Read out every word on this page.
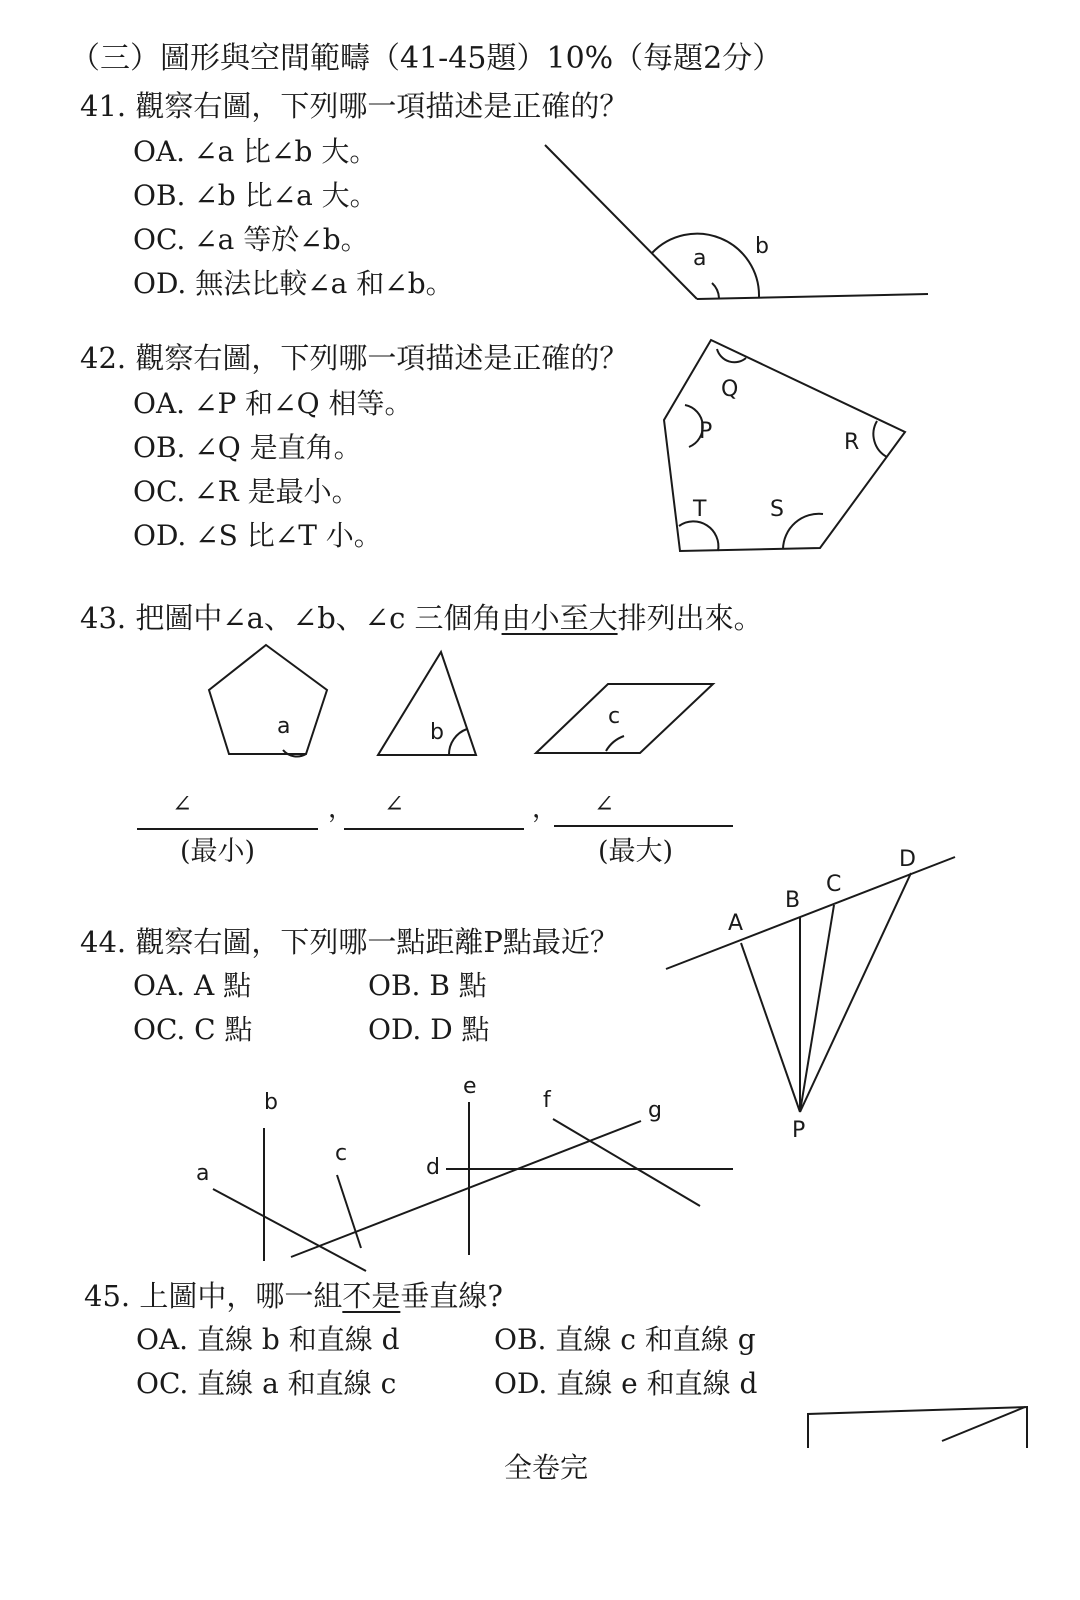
（三）圖形與空間範疇（41-45題）10%（每題2分）
41. 觀察右圖，下列哪一項描述是正確的？
OA. ∠a 比∠b 大。
OB. ∠b 比∠a 大。
OC. ∠a 等於∠b。
OD. 無法比較∠a 和∠b。
42. 觀察右圖，下列哪一項描述是正確的？
OA. ∠P 和∠Q 相等。
OB. ∠Q 是直角。
OC. ∠R 是最小。
OD. ∠S 比∠T 小。
43. 把圖中∠a、∠b、∠c 三個角由小至大排列出來。
∠	， ∠	， ∠
(最小)	(最大)
44. 觀察右圖，下列哪一點距離P點最近？
OA. A 點	OB. B 點
OC. C 點	OD. D 點
45. 上圖中，哪一組不是垂直線?
OA. 直線 b 和直線 d	OB. 直線 c 和直線 g
OC. 直線 a 和直線 c	OD. 直線 e 和直線 d
全卷完
a b
Q
P	R
T	S
a	b
c
A
B
C
D
P
a
b
c
d
e
f	g
